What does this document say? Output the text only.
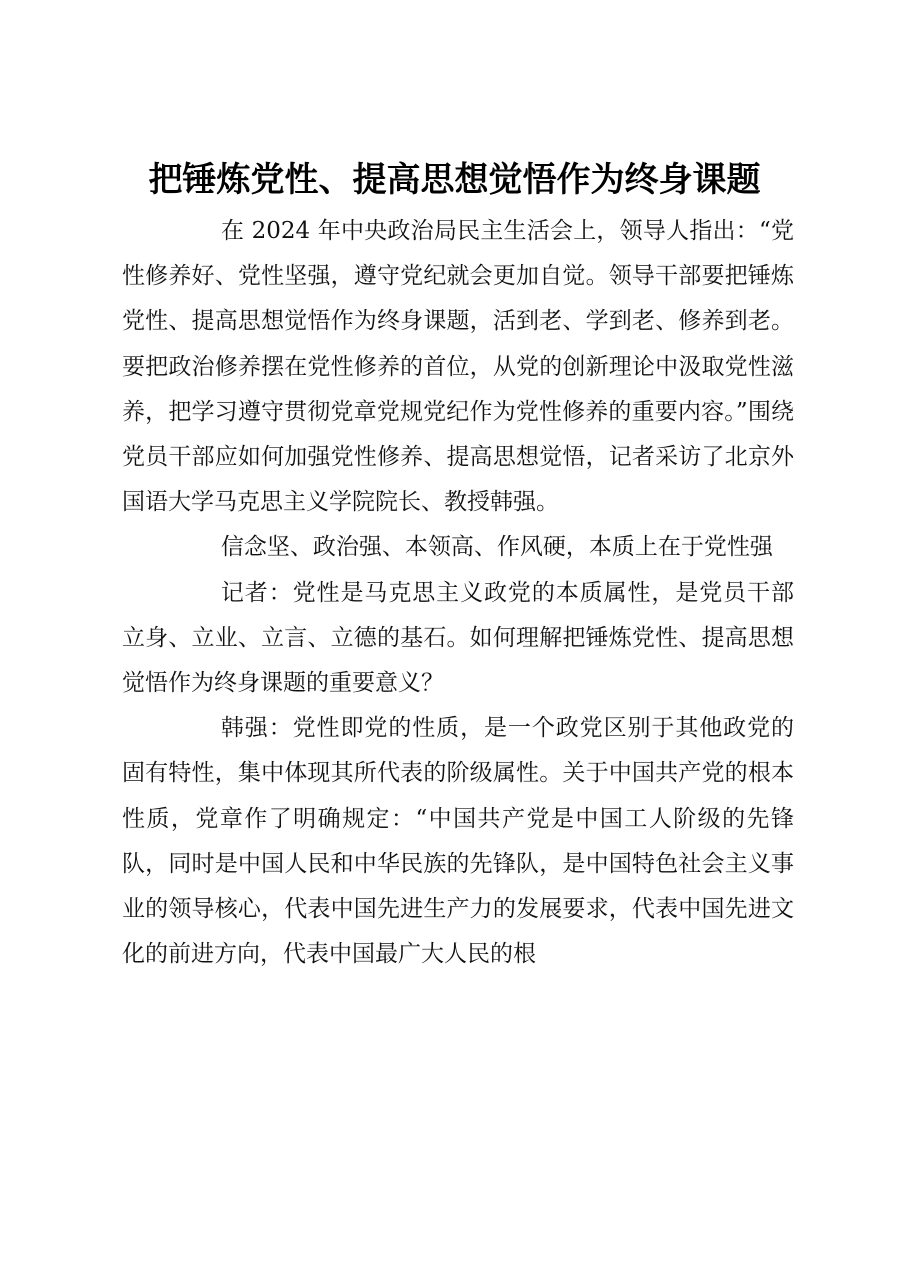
把锤炼党性、提高思想觉悟作为终身课题

在 2024 年中央政治局民主生活会上，领导人指出：“党性修养好、党性坚强，遵守党纪就会更加自觉。领导干部要把锤炼党性、提高思想觉悟作为终身课题，活到老、学到老、修养到老。要把政治修养摆在党性修养的首位，从党的创新理论中汲取党性滋养，把学习遵守贯彻党章党规党纪作为党性修养的重要内容。”围绕党员干部应如何加强党性修养、提高思想觉悟，记者采访了北京外国语大学马克思主义学院院长、教授韩强。

信念坚、政治强、本领高、作风硬，本质上在于党性强

记者：党性是马克思主义政党的本质属性，是党员干部立身、立业、立言、立德的基石。如何理解把锤炼党性、提高思想觉悟作为终身课题的重要意义？

韩强：党性即党的性质，是一个政党区别于其他政党的固有特性，集中体现其所代表的阶级属性。关于中国共产党的根本性质，党章作了明确规定：“中国共产党是中国工人阶级的先锋队，同时是中国人民和中华民族的先锋队，是中国特色社会主义事业的领导核心，代表中国先进生产力的发展要求，代表中国先进文化的前进方向，代表中国最广大人民的根
